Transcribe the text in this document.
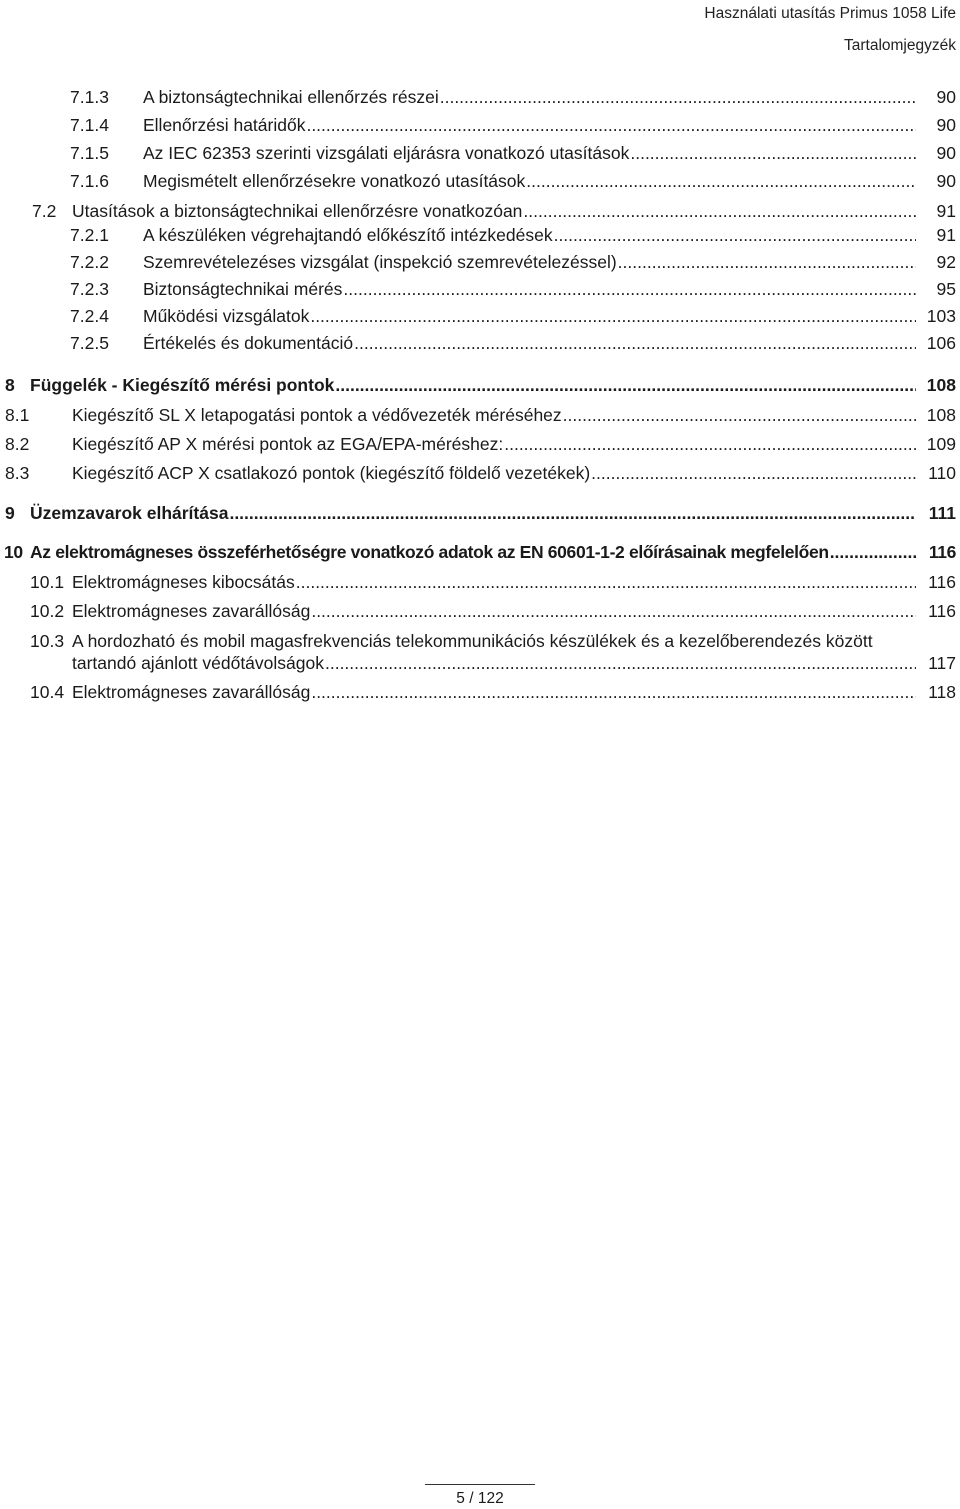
Használati utasítás Primus 1058 Life
Tartalomjegyzék
7.1.3 A biztonságtechnikai ellenőrzés részei .....	90
7.1.4 Ellenőrzési határidők .....	90
7.1.5 Az IEC 62353 szerinti vizsgálati eljárásra vonatkozó utasítások .....	90
7.1.6 Megismételt ellenőrzésekre vonatkozó utasítások .....	90
7.2 Utasítások a biztonságtechnikai ellenőrzésre vonatkozóan .....	91
7.2.1 A készüléken végrehajtandó előkészítő intézkedések .....	91
7.2.2 Szemrevételezéses vizsgálat (inspekció szemrevételezéssel) .....	92
7.2.3 Biztonságtechnikai mérés .....	95
7.2.4 Működési vizsgálatok .....	103
7.2.5 Értékelés és dokumentáció .....	106
8 Függelék - Kiegészítő mérési pontok .....	108
8.1 Kiegészítő SL X letapogatási pontok a védővezeték méréséhez .....	108
8.2 Kiegészítő AP X mérési pontok az EGA/EPA-méréshez: .....	109
8.3 Kiegészítő ACP X csatlakozó pontok (kiegészítő földelő vezetékek) .....	110
9 Üzemzavarok elhárítása .....	111
10 Az elektromágneses összeférhetőségre vonatkozó adatok az EN 60601-1-2 előírásainak megfelelően .....	116
10.1 Elektromágneses kibocsátás .....	116
10.2 Elektromágneses zavarállóság .....	116
10.3 A hordozható és mobil magasfrekvenciás telekommunikációs készülékek és a kezelőberendezés között
tartandó ajánlott védőtávolságok .....	117
10.4 Elektromágneses zavarállóság .....	118
5 / 122
